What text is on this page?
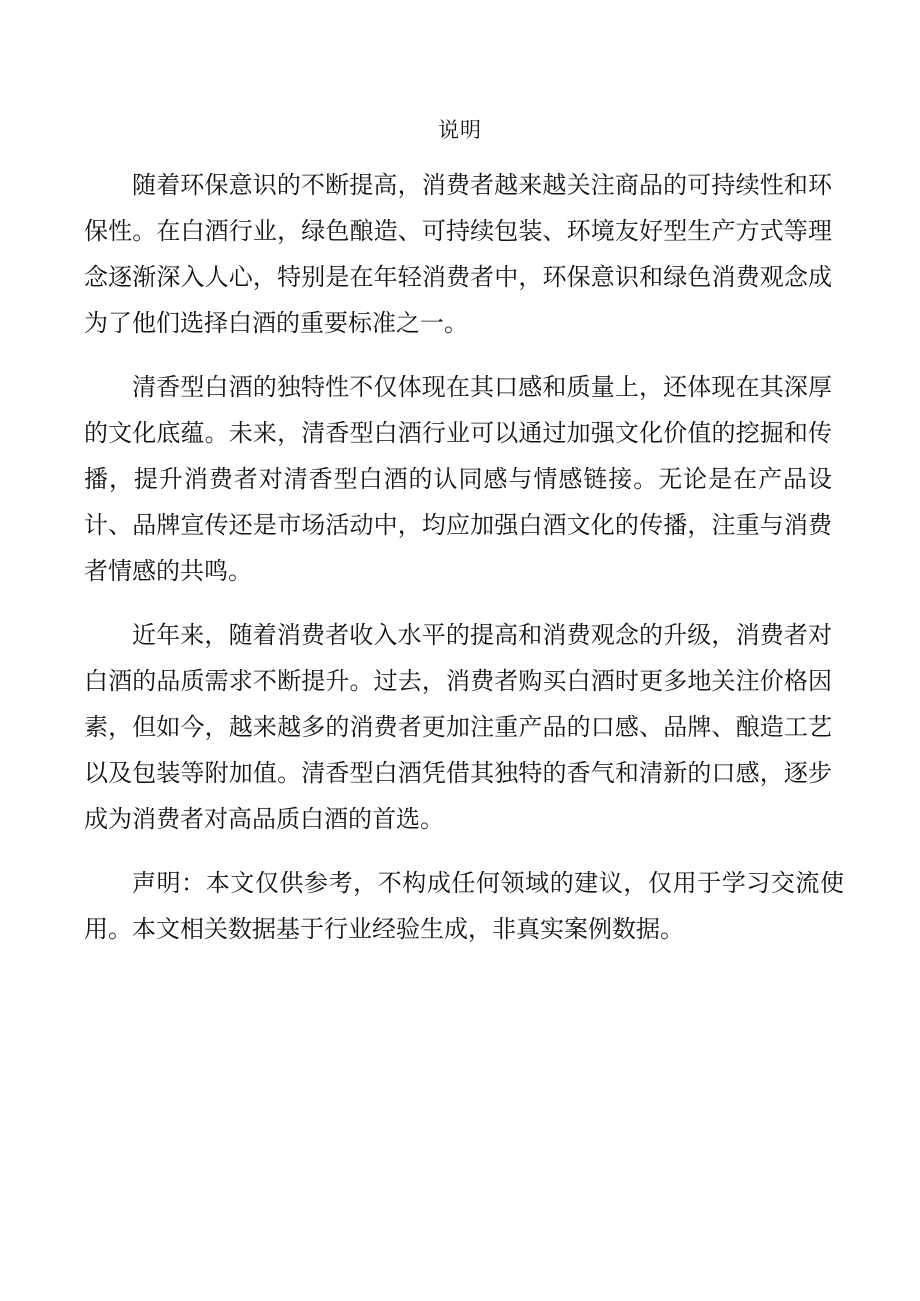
说明

随着环保意识的不断提高，消费者越来越关注商品的可持续性和环保性。在白酒行业，绿色酿造、可持续包装、环境友好型生产方式等理念逐渐深入人心，特别是在年轻消费者中，环保意识和绿色消费观念成为了他们选择白酒的重要标准之一。

清香型白酒的独特性不仅体现在其口感和质量上，还体现在其深厚的文化底蕴。未来，清香型白酒行业可以通过加强文化价值的挖掘和传播，提升消费者对清香型白酒的认同感与情感链接。无论是在产品设计、品牌宣传还是市场活动中，均应加强白酒文化的传播，注重与消费者情感的共鸣。

近年来，随着消费者收入水平的提高和消费观念的升级，消费者对白酒的品质需求不断提升。过去，消费者购买白酒时更多地关注价格因素，但如今，越来越多的消费者更加注重产品的口感、品牌、酿造工艺以及包装等附加值。清香型白酒凭借其独特的香气和清新的口感，逐步成为消费者对高品质白酒的首选。

声明：本文仅供参考，不构成任何领域的建议，仅用于学习交流使用。本文相关数据基于行业经验生成，非真实案例数据。
